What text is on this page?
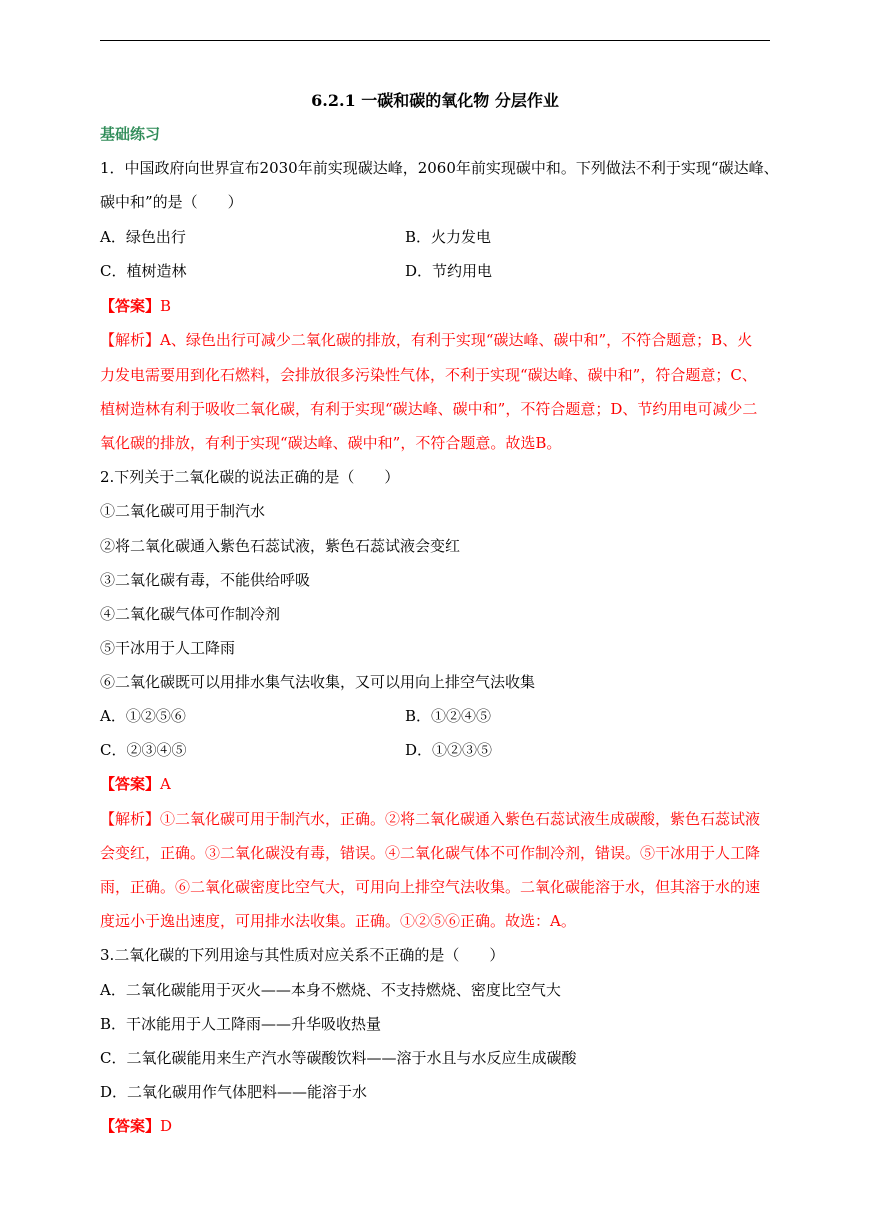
6.2.1 一碳和碳的氧化物 分层作业
基础练习
1．中国政府向世界宣布2030年前实现碳达峰，2060年前实现碳中和。下列做法不利于实现“碳达峰、
碳中和”的是（　　）
A．绿色出行	B．火力发电
C．植树造林	D．节约用电
【答案】B
【解析】A、绿色出行可减少二氧化碳的排放，有利于实现“碳达峰、碳中和”，不符合题意；B、火
力发电需要用到化石燃料，会排放很多污染性气体，不利于实现“碳达峰、碳中和”，符合题意；C、
植树造林有利于吸收二氧化碳，有利于实现“碳达峰、碳中和”，不符合题意；D、节约用电可减少二
氧化碳的排放，有利于实现“碳达峰、碳中和”，不符合题意。故选B。
2.下列关于二氧化碳的说法正确的是（　　）
①二氧化碳可用于制汽水
②将二氧化碳通入紫色石蕊试液，紫色石蕊试液会变红
③二氧化碳有毒，不能供给呼吸
④二氧化碳气体可作制冷剂
⑤干冰用于人工降雨
⑥二氧化碳既可以用排水集气法收集，又可以用向上排空气法收集
A．①②⑤⑥	B．①②④⑤
C．②③④⑤	D．①②③⑤
【答案】A
【解析】①二氧化碳可用于制汽水，正确。②将二氧化碳通入紫色石蕊试液生成碳酸，紫色石蕊试液
会变红，正确。③二氧化碳没有毒，错误。④二氧化碳气体不可作制冷剂，错误。⑤干冰用于人工降
雨，正确。⑥二氧化碳密度比空气大，可用向上排空气法收集。二氧化碳能溶于水，但其溶于水的速
度远小于逸出速度，可用排水法收集。正确。①②⑤⑥正确。故选：A。
3.二氧化碳的下列用途与其性质对应关系不正确的是（　　）
A．二氧化碳能用于灭火——本身不燃烧、不支持燃烧、密度比空气大
B．干冰能用于人工降雨——升华吸收热量
C．二氧化碳能用来生产汽水等碳酸饮料——溶于水且与水反应生成碳酸
D．二氧化碳用作气体肥料——能溶于水
【答案】D
